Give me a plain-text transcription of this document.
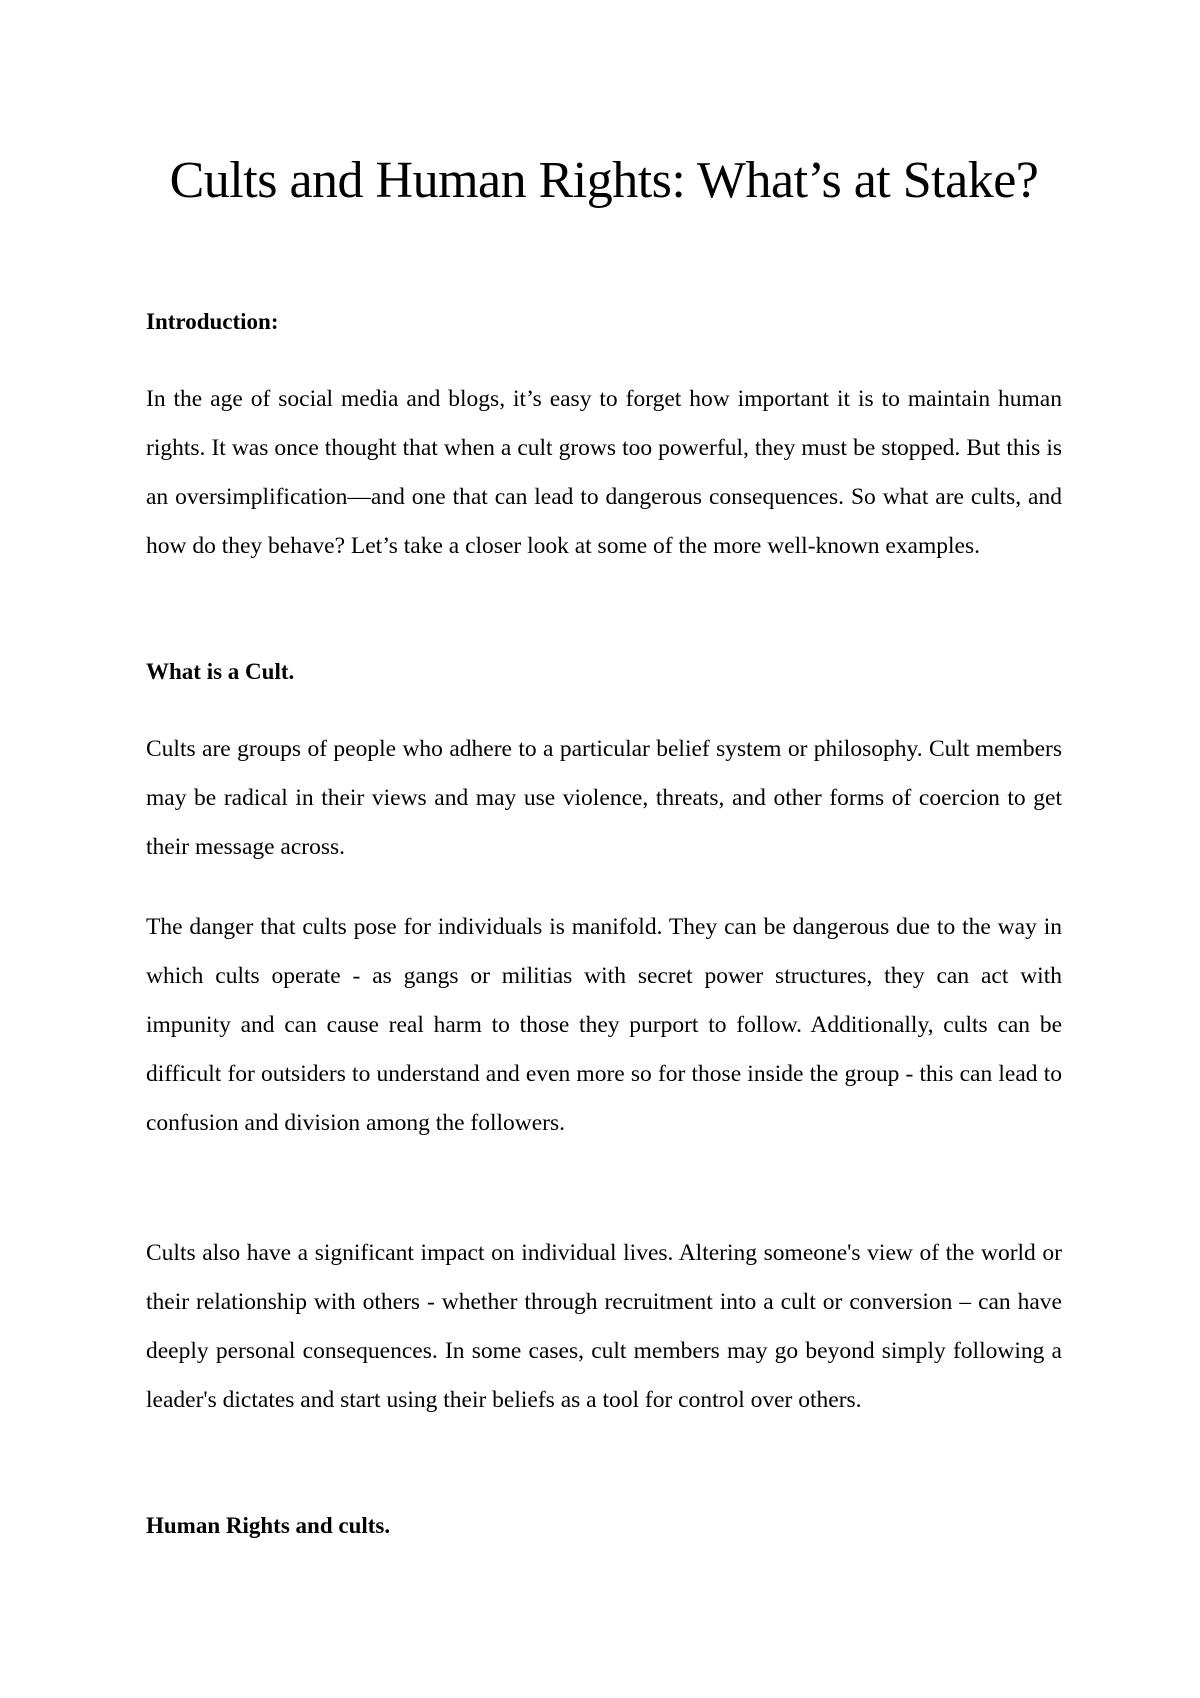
Cults and Human Rights: What’s at Stake?
Introduction:

In the age of social media and blogs, it’s easy to forget how important it is to maintain human rights. It was once thought that when a cult grows too powerful, they must be stopped. But this is an oversimplification—and one that can lead to dangerous consequences. So what are cults, and how do they behave? Let’s take a closer look at some of the more well-known examples.

What is a Cult.

Cults are groups of people who adhere to a particular belief system or philosophy. Cult members may be radical in their views and may use violence, threats, and other forms of coercion to get their message across.

The danger that cults pose for individuals is manifold. They can be dangerous due to the way in which cults operate - as gangs or militias with secret power structures, they can act with impunity and can cause real harm to those they purport to follow. Additionally, cults can be difficult for outsiders to understand and even more so for those inside the group - this can lead to confusion and division among the followers.

Cults also have a significant impact on individual lives. Altering someone's view of the world or their relationship with others - whether through recruitment into a cult or conversion – can have deeply personal consequences. In some cases, cult members may go beyond simply following a leader's dictates and start using their beliefs as a tool for control over others.

Human Rights and cults.
